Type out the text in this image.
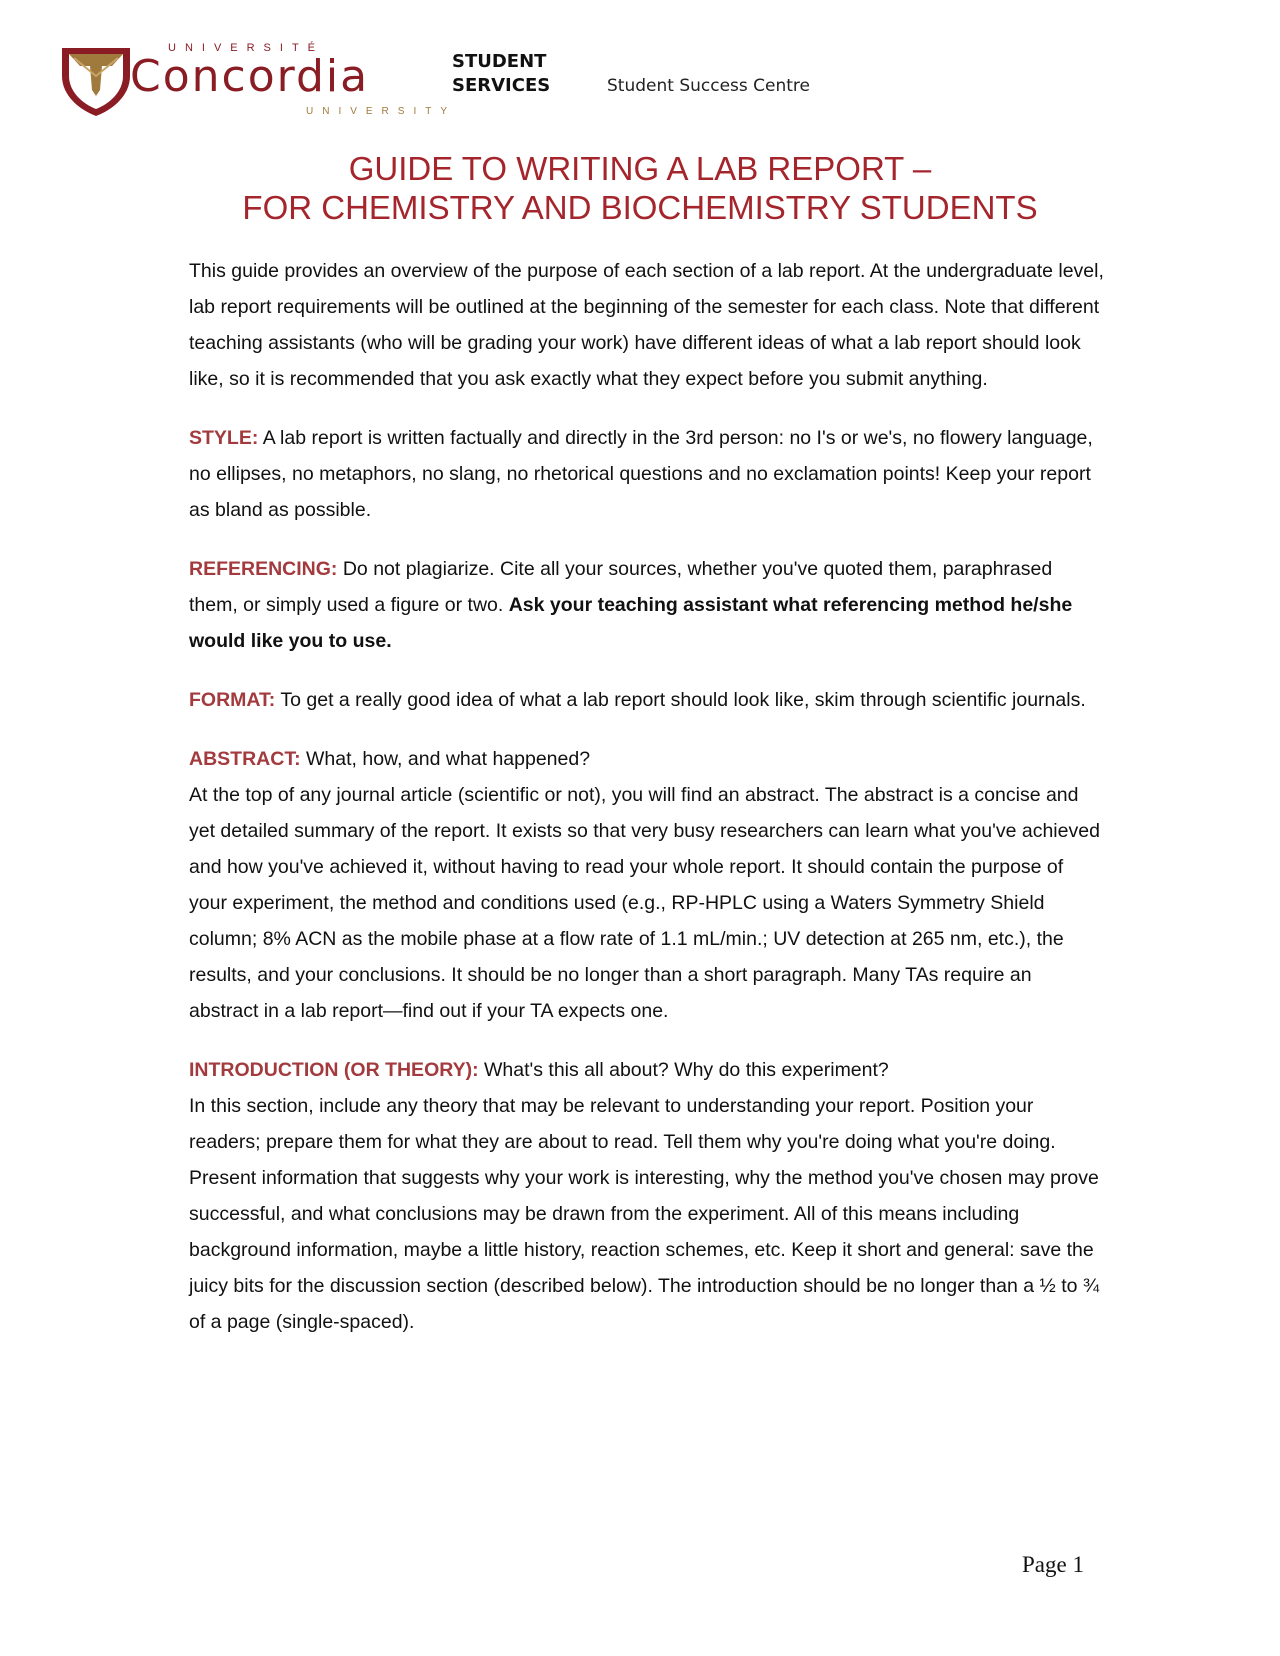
UNIVERSITÉ
Concordia
UNIVERSITY
STUDENT
SERVICES	Student Success Centre
GUIDE TO WRITING A LAB REPORT –
FOR CHEMISTRY AND BIOCHEMISTRY STUDENTS

This guide provides an overview of the purpose of each section of a lab report. At the undergraduate level, lab report requirements will be outlined at the beginning of the semester for each class. Note that different teaching assistants (who will be grading your work) have different ideas of what a lab report should look like, so it is recommended that you ask exactly what they expect before you submit anything.

STYLE: A lab report is written factually and directly in the 3rd person: no I's or we's, no flowery language, no ellipses, no metaphors, no slang, no rhetorical questions and no exclamation points! Keep your report as bland as possible.

REFERENCING: Do not plagiarize. Cite all your sources, whether you've quoted them, paraphrased them, or simply used a figure or two. Ask your teaching assistant what referencing method he/she would like you to use.

FORMAT: To get a really good idea of what a lab report should look like, skim through scientific journals.

ABSTRACT: What, how, and what happened?
At the top of any journal article (scientific or not), you will find an abstract. The abstract is a concise and yet detailed summary of the report. It exists so that very busy researchers can learn what you've achieved and how you've achieved it, without having to read your whole report. It should contain the purpose of your experiment, the method and conditions used (e.g., RP-HPLC using a Waters Symmetry Shield column; 8% ACN as the mobile phase at a flow rate of 1.1 mL/min.; UV detection at 265 nm, etc.), the results, and your conclusions. It should be no longer than a short paragraph. Many TAs require an abstract in a lab report—find out if your TA expects one.

INTRODUCTION (OR THEORY): What's this all about? Why do this experiment?
In this section, include any theory that may be relevant to understanding your report. Position your readers; prepare them for what they are about to read. Tell them why you're doing what you're doing. Present information that suggests why your work is interesting, why the method you've chosen may prove successful, and what conclusions may be drawn from the experiment. All of this means including background information, maybe a little history, reaction schemes, etc. Keep it short and general: save the juicy bits for the discussion section (described below). The introduction should be no longer than a ½ to ¾ of a page (single-spaced).

Page 1
